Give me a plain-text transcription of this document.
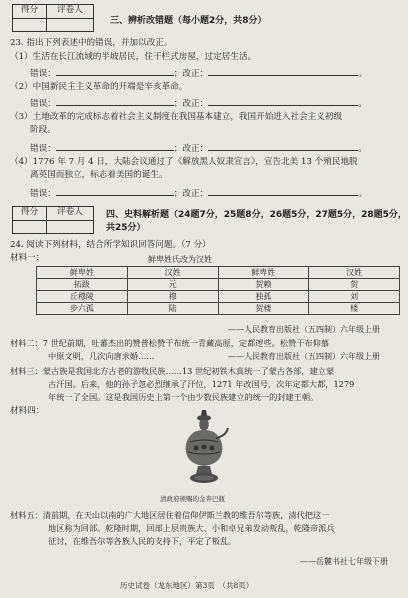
得分	评卷人
三、辨析改错题（每小题2分，共8分）
23. 指出下列表述中的错误，并加以改正。
（1）生活在长江流域的半坡居民，住干栏式房屋，过定居生活。
错误：	；改正：	。
（2）中国新民主主义革命的开端是辛亥革命。
错误：	；改正：	。
（3）土地改革的完成标志着社会主义制度在我国基本建立，我国开始进入社会主义初级
阶段。
错误：	；改正：	。
（4）1776 年 7 月 4 日，大陆会议通过了《解放黑人奴隶宣言》，宣告北美 13 个殖民地脱
离英国而独立，标志着美国的诞生。
错误：	；改正：	。
得分	评卷人	四、史料解析题（24题7分，25题8分，26题5分，27题5分，28题5分，
共25分）
24. 阅读下列材料，结合所学知识回答问题。（7 分）
材料一：	鲜卑姓氏改为汉姓
鲜卑姓	汉姓	鲜卑姓	汉姓
拓跋	元	贺赖	贺
丘穆陵	穆	独孤	刘
步六孤	陆	贺楼	楼
——人民教育出版社（五四制）六年级上册
材料二：7 世纪前期，吐蕃杰出的赞普松赞干布统一青藏高原，定都逻些。松赞干布仰慕
中原文明，几次向唐求婚……	——人民教育出版社（五四制）六年级上册
材料三：蒙古族是我国北方古老的游牧民族……13 世纪初铁木真统一了蒙古各部，建立蒙
古汗国。后来，他的孙子忽必烈继承了汗位，1271 年改国号，次年定都大都，1279
年统一了全国。这是我国历史上第一个由少数民族建立的统一的封建王朝。
材料四：
清政府颁赐的金奔巴瓶
材料五：清前期，在天山以南的广大地区居住着信仰伊斯兰教的维吾尔等族，清代把这一
地区称为回部。乾隆时期，回部上层贵族大、小和卓兄弟发动叛乱，乾隆帝派兵
征讨，在维吾尔等各族人民的支持下，平定了叛乱。
——岳麓书社七年级下册
历史试卷（龙东地区）第3页　（共8页）
